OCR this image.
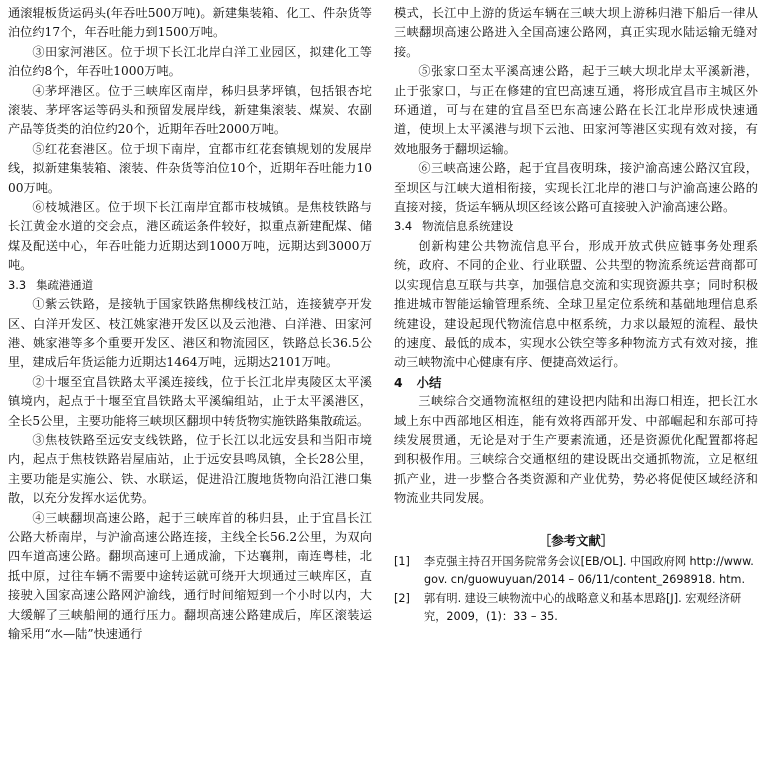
通滚辊板货运码头(年吞吐500万吨)。新建集装箱、化工、件杂货等泊位约17个，年吞吐能力到1500万吨。

③田家河港区。位于坝下长江北岸白洋工业园区，拟建化工等泊位约8个，年吞吐1000万吨。

④茅坪港区。位于三峡库区南岸，秭归县茅坪镇，包括银杏坨滚装、茅坪客运等码头和预留发展岸线，新建集滚装、煤炭、农副产品等货类的泊位约20个，近期年吞吐2000万吨。

⑤红花套港区。位于坝下南岸，宜都市红花套镇规划的发展岸线，拟新建集装箱、滚装、件杂货等泊位10个，近期年吞吐能力1000万吨。

⑥枝城港区。位于坝下长江南岸宜都市枝城镇。是焦枝铁路与长江黄金水道的交会点，港区疏运条件较好，拟重点新建配煤、储煤及配送中心，年吞吐能力近期达到1000万吨，远期达到3000万吨。

3.3 集疏港通道

①紫云铁路，是接轨于国家铁路焦柳线枝江站，连接猇亭开发区、白洋开发区、枝江姚家港开发区以及云池港、白洋港、田家河港、姚家港等多个重要开发区、港区和物流园区，铁路总长36.5公里，建成后年货运能力近期达1464万吨，远期达2101万吨。

②十堰至宜昌铁路太平溪连接线，位于长江北岸夷陵区太平溪镇境内，起点于十堰至宜昌铁路太平溪编组站，止于太平溪港区，全长5公里，主要功能将三峡坝区翻坝中转货物实施铁路集散疏运。

③焦枝铁路至远安支线铁路，位于长江以北远安县和当阳市境内，起点于焦枝铁路岩屋庙站，止于远安县鸣凤镇，全长28公里，主要功能是实施公、铁、水联运，促进沿江腹地货物向沿江港口集散，以充分发挥水运优势。

④三峡翻坝高速公路，起于三峡库首的秭归县，止于宜昌长江公路大桥南岸，与沪渝高速公路连接，主线全长56.2公里，为双向四车道高速公路。翻坝高速可上通成渝，下达襄荆，南连粤桂，北抵中原，过往车辆不需要中途转运就可绕开大坝通过三峡库区，直接驶入国家高速公路网沪渝线，通行时间缩短到一个小时以内，大大缓解了三峡船闸的通行压力。翻坝高速公路建成后，库区滚装运输采用“水—陆”快速通行

模式，长江中上游的货运车辆在三峡大坝上游秭归港下船后一律从三峡翻坝高速公路进入全国高速公路网，真正实现水陆运输无缝对接。

⑤张家口至太平溪高速公路，起于三峡大坝北岸太平溪新港，止于张家口，与正在修建的宜巴高速互通，将形成宜昌市主城区外环通道，可与在建的宜昌至巴东高速公路在长江北岸形成快速通道，使坝上太平溪港与坝下云池、田家河等港区实现有效对接，有效地服务于翻坝运输。

⑥三峡高速公路，起于宜昌夜明珠，接沪渝高速公路汉宜段，至坝区与江峡大道相衔接，实现长江北岸的港口与沪渝高速公路的直接对接，货运车辆从坝区经该公路可直接驶入沪渝高速公路。

3.4 物流信息系统建设

创新构建公共物流信息平台，形成开放式供应链事务处理系统，政府、不同的企业、行业联盟、公共型的物流系统运营商都可以实现信息互联与共享，加强信息交流和实现资源共享；同时积极推进城市智能运输管理系统、全球卫星定位系统和基础地理信息系统建设，建设起现代物流信息中枢系统，力求以最短的流程、最快的速度、最低的成本，实现水公铁空等多种物流方式有效对接，推动三峡物流中心健康有序、便捷高效运行。

4 小结

三峡综合交通物流枢纽的建设把内陆和出海口相连，把长江水域上东中西部地区相连，能有效将西部开发、中部崛起和东部可持续发展贯通，无论是对于生产要素流通，还是资源优化配置都将起到积极作用。三峡综合交通枢纽的建设既出交通抓物流，立足枢纽抓产业，进一步整合各类资源和产业优势，势必将促使区域经济和物流业共同发展。

［参考文献］
[1]	李克强主持召开国务院常务会议[EB/OL]. 中国政府网 http://www. gov. cn/guowuyuan/2014 – 06/11/content_2698918. htm.
[2]	郭有明. 建设三峡物流中心的战略意义和基本思路[J]. 宏观经济研究，2009，(1)：33 – 35.
